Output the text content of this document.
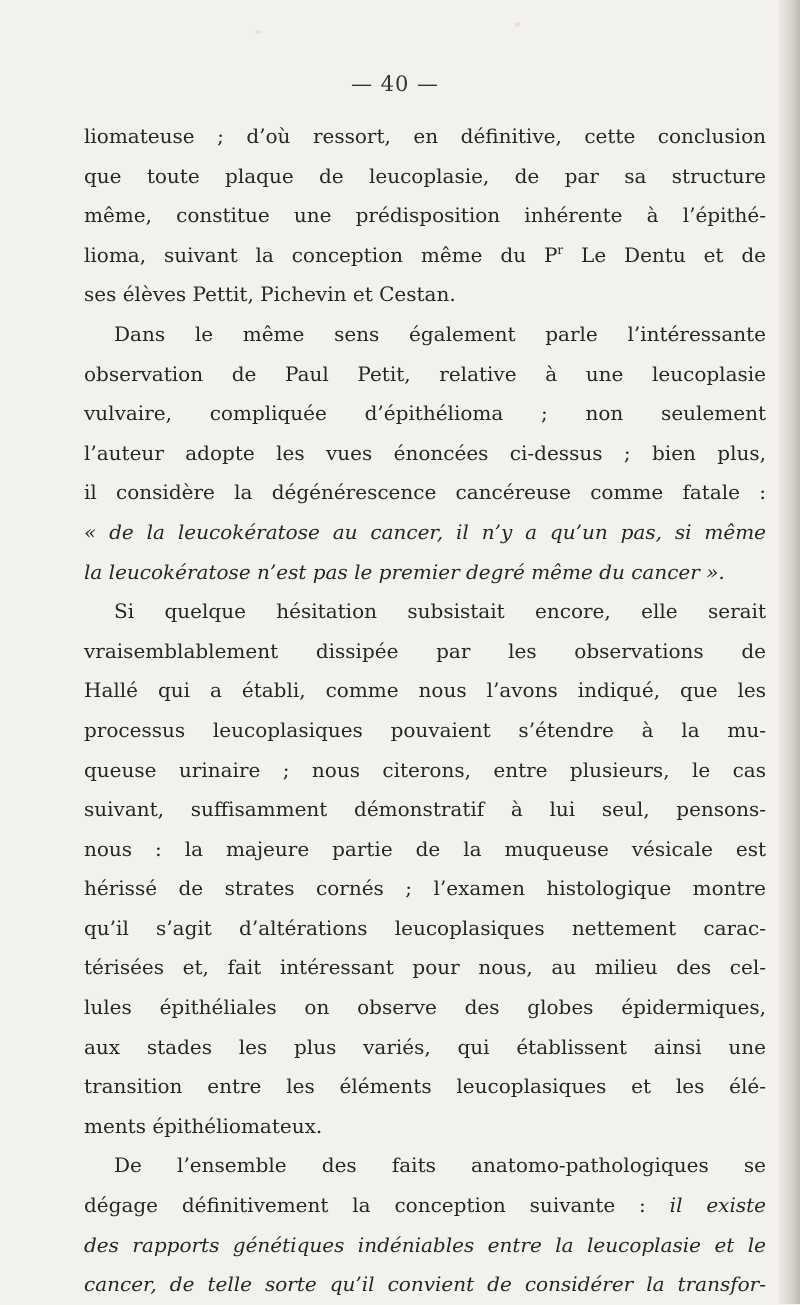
— 40 —
liomateuse ; d’où ressort, en définitive, cette conclusion
que toute plaque de leucoplasie, de par sa structure
même, constitue une prédisposition inhérente à l’épithé-
lioma, suivant la conception même du $P^r$ Le Dentu et de
ses élèves Pettit, Pichevin et Cestan.
Dans le même sens également parle l’intéressante
observation de Paul Petit, relative à une leucoplasie
vulvaire, compliquée d’épithélioma ; non seulement
l’auteur adopte les vues énoncées ci-dessus ; bien plus,
il considère la dégénérescence cancéreuse comme fatale :
« de la leucokératose au cancer, il n’y a qu’un pas, si même
la leucokératose n’est pas le premier degré même du cancer ».
Si quelque hésitation subsistait encore, elle serait
vraisemblablement dissipée par les observations de
Hallé qui a établi, comme nous l’avons indiqué, que les
processus leucoplasiques pouvaient s’étendre à la mu-
queuse urinaire ; nous citerons, entre plusieurs, le cas
suivant, suffisamment démonstratif à lui seul, pensons-
nous : la majeure partie de la muqueuse vésicale est
hérissé de strates cornés ; l’examen histologique montre
qu’il s’agit d’altérations leucoplasiques nettement carac-
térisées et, fait intéressant pour nous, au milieu des cel-
lules épithéliales on observe des globes épidermiques,
aux stades les plus variés, qui établissent ainsi une
transition entre les éléments leucoplasiques et les élé-
ments épithéliomateux.
De l’ensemble des faits anatomo-pathologiques se
dégage définitivement la conception suivante : il existe
des rapports génétiques indéniables entre la leucoplasie et le
cancer, de telle sorte qu’il convient de considérer la transfor-
